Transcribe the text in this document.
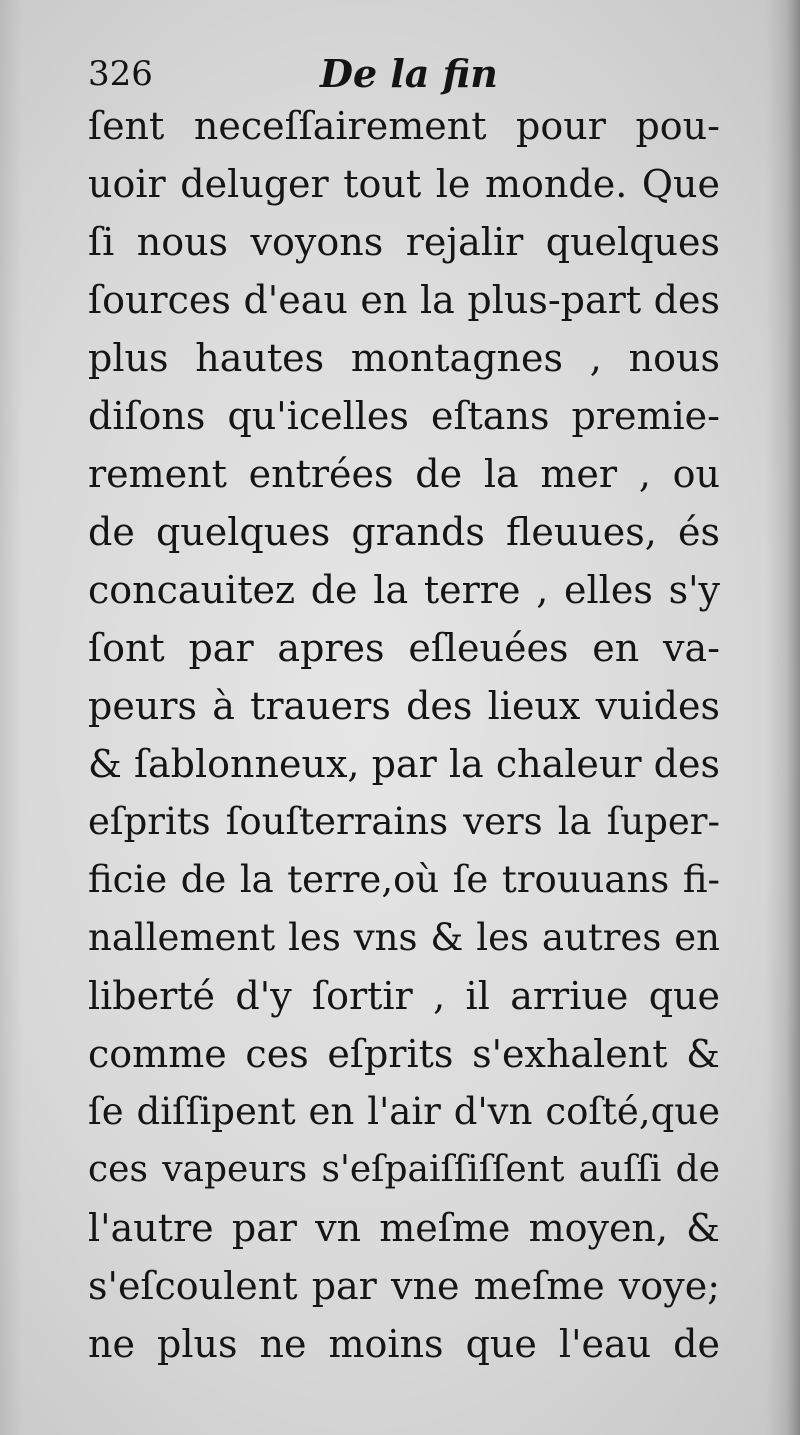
326	De la fin
ſent neceſſairement pour pou-
uoir deluger tout le monde. Que
ſi nous voyons rejalir quelques
ſources d'eau en la plus-part des
plus hautes montagnes , nous
diſons qu'icelles eſtans premie-
rement entrées de la mer , ou
de quelques grands fleuues, és
concauitez de la terre , elles s'y
ſont par apres eſleuées en va-
peurs à trauers des lieux vuides
& ſablonneux, par la chaleur des
eſprits ſouſterrains vers la ſuper-
ficie de la terre,où ſe trouuans fi-
nallement les vns & les autres en
liberté d'y ſortir , il arriue que
comme ces eſprits s'exhalent &
ſe diſſipent en l'air d'vn coſté,que
ces vapeurs s'eſpaiſſiſſent auſſi de
l'autre par vn meſme moyen, &
s'eſcoulent par vne meſme voye;
ne plus ne moins que l'eau de
